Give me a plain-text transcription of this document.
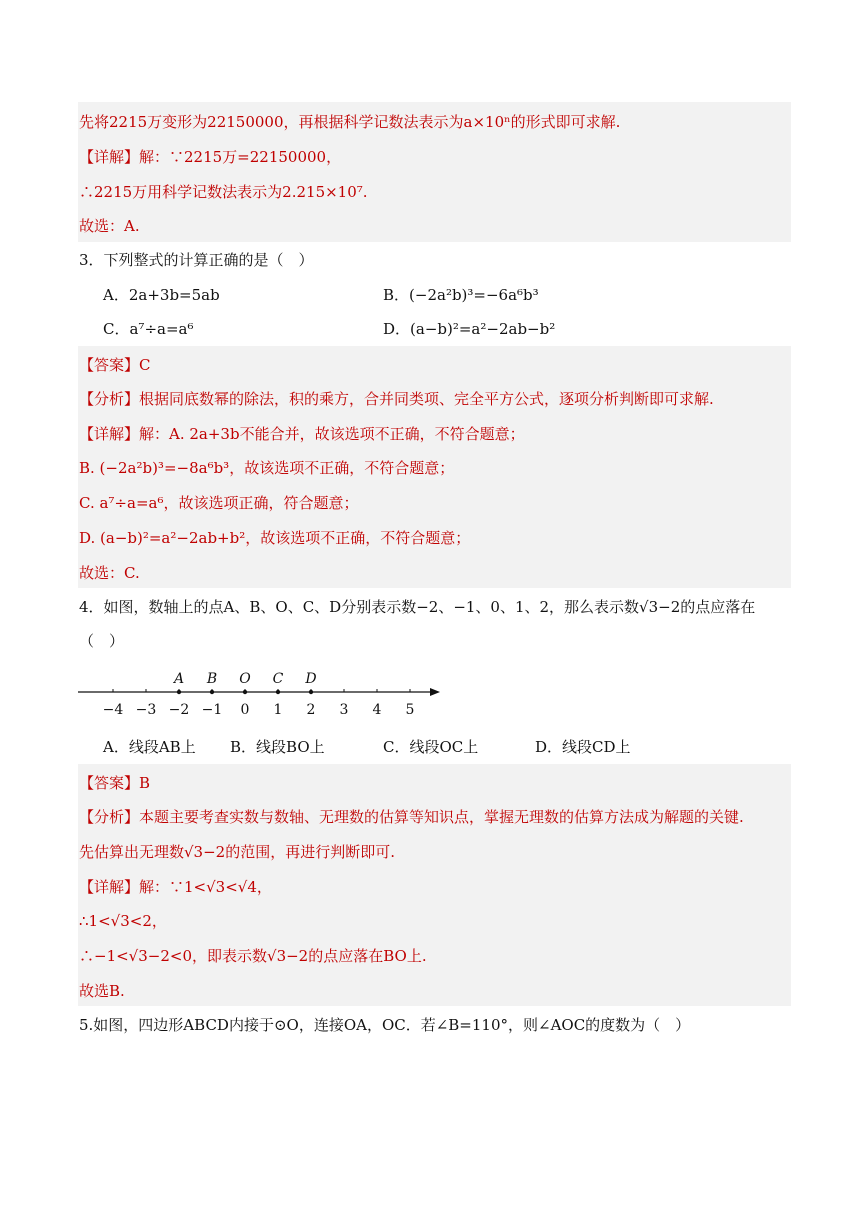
先将2215万变形为22150000，再根据科学记数法表示为a×10ⁿ的形式即可求解.
【详解】解：∵2215万=22150000，
∴2215万用科学记数法表示为2.215×10⁷.
故选：A.
3．下列整式的计算正确的是（　）
A．2a+3b=5ab	B．(−2a²b)³=−6a⁶b³
C．a⁷÷a=a⁶	D．(a−b)²=a²−2ab−b²
【答案】C
【分析】根据同底数幂的除法，积的乘方，合并同类项、完全平方公式，逐项分析判断即可求解.
【详解】解：A. 2a+3b不能合并，故该选项不正确，不符合题意；
B. (−2a²b)³=−8a⁶b³，故该选项不正确，不符合题意；
C. a⁷÷a=a⁶，故该选项正确，符合题意；
D. (a−b)²=a²−2ab+b²，故该选项不正确，不符合题意；
故选：C.
4．如图，数轴上的点A、B、O、C、D分别表示数−2、−1、0、1、2，那么表示数√3−2的点应落在
（　）
−4 −3 −2 −1 0 1 2 3 4 5
A B O C D
A．线段AB上 B．线段BO上	C．线段OC上	D．线段CD上
【答案】B
【分析】本题主要考查实数与数轴、无理数的估算等知识点，掌握无理数的估算方法成为解题的关键.
先估算出无理数√3−2的范围，再进行判断即可.
【详解】解：∵1<√3<√4，
∴1<√3<2，
∴−1<√3−2<0，即表示数√3−2的点应落在BO上.
故选B.
5.如图，四边形ABCD内接于⊙O，连接OA，OC．若∠B=110°，则∠AOC的度数为（　）
